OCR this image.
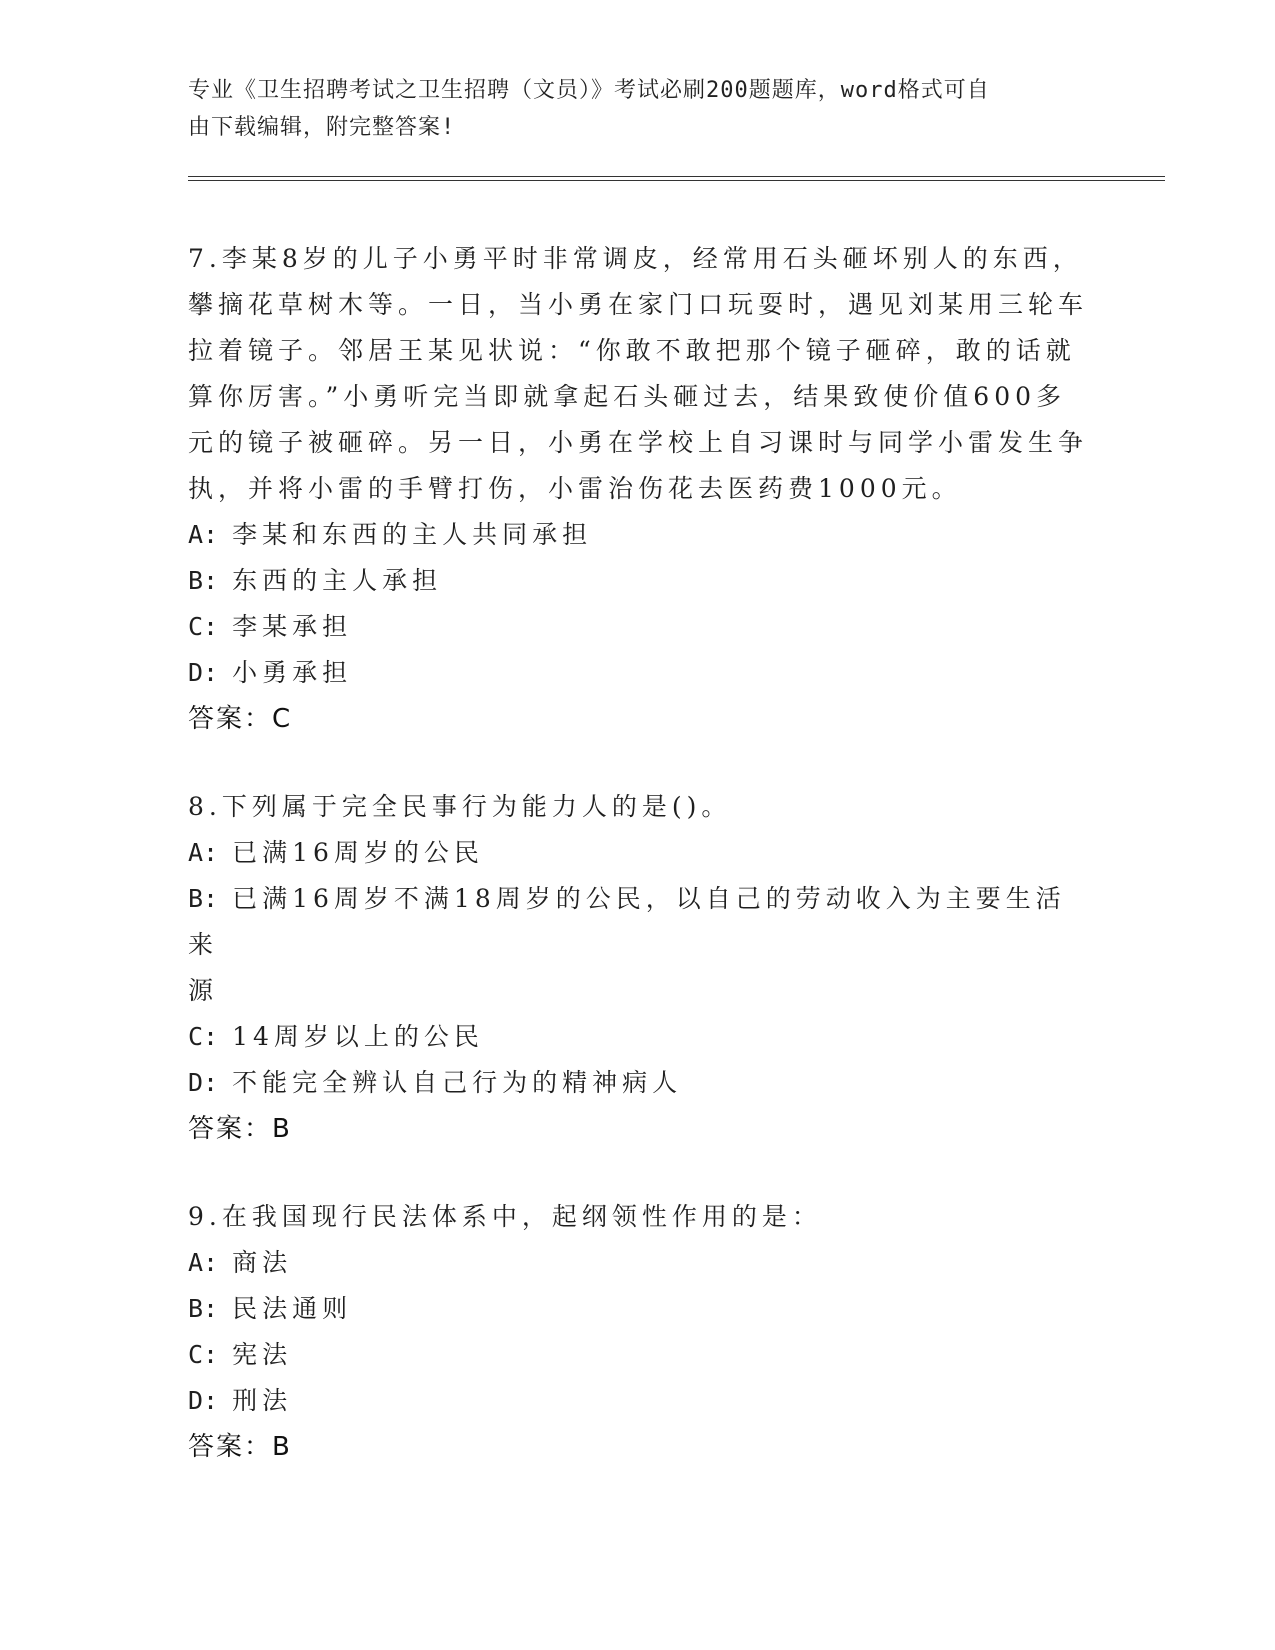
专业《卫生招聘考试之卫生招聘（文员）》考试必刷200题题库，word格式可自
由下载编辑，附完整答案!
7.李某8岁的儿子小勇平时非常调皮，经常用石头砸坏别人的东西，
攀摘花草树木等。一日，当小勇在家门口玩耍时，遇见刘某用三轮车
拉着镜子。邻居王某见状说：“你敢不敢把那个镜子砸碎，敢的话就
算你厉害。”小勇听完当即就拿起石头砸过去，结果致使价值600多
元的镜子被砸碎。另一日，小勇在学校上自习课时与同学小雷发生争
执，并将小雷的手臂打伤，小雷治伤花去医药费1000元。
A: 李某和东西的主人共同承担
B: 东西的主人承担
C: 李某承担
D: 小勇承担
答案：C
8.下列属于完全民事行为能力人的是()。
A: 已满16周岁的公民
B: 已满16周岁不满18周岁的公民，以自己的劳动收入为主要生活来
源
C: 14周岁以上的公民
D: 不能完全辨认自己行为的精神病人
答案：B
9.在我国现行民法体系中，起纲领性作用的是：
A: 商法
B: 民法通则
C: 宪法
D: 刑法
答案：B
